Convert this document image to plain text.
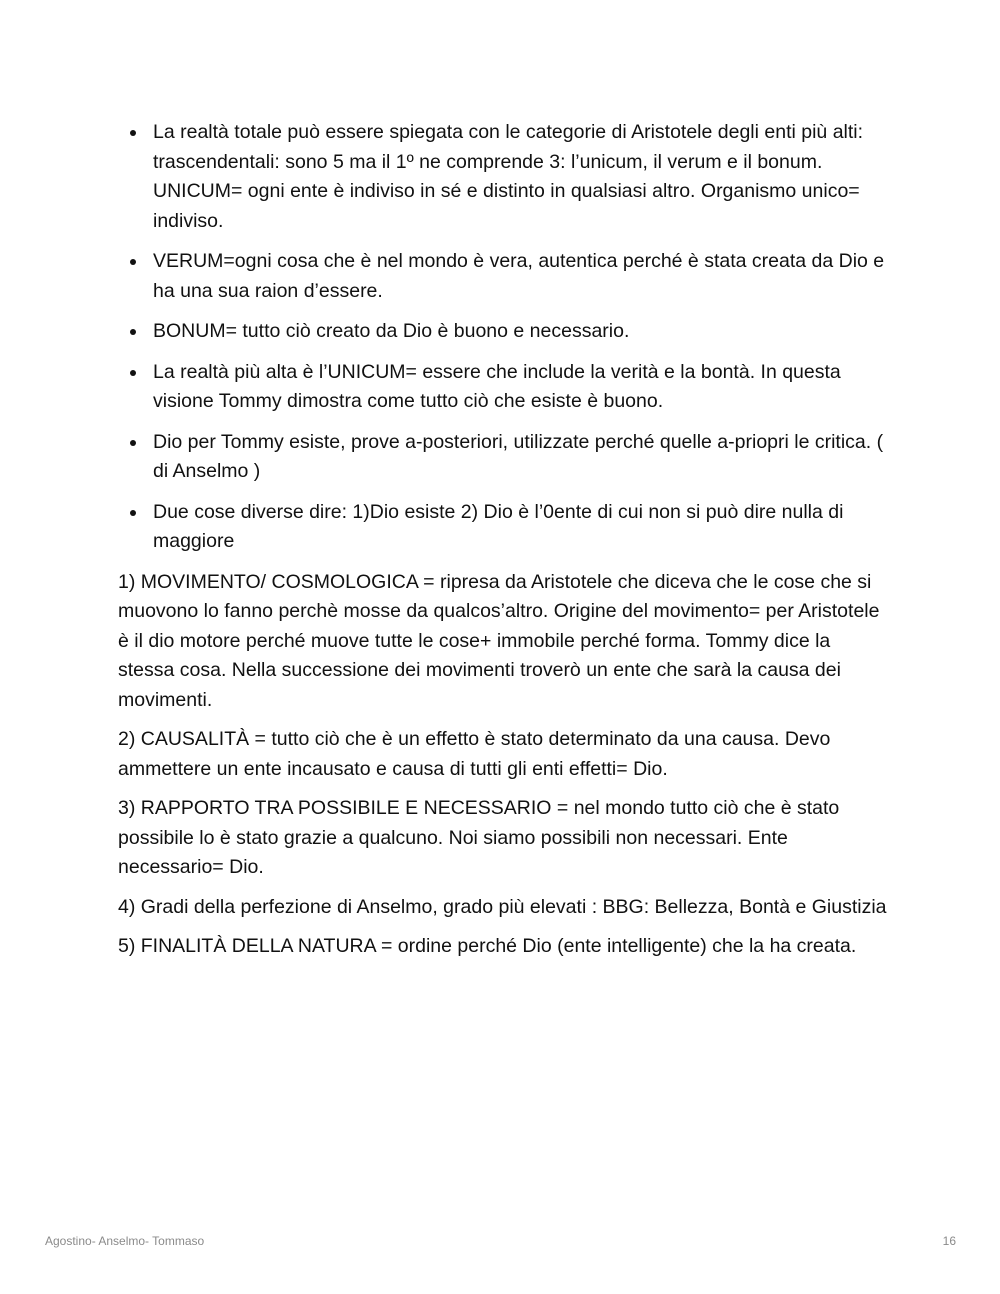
La realtà totale può essere spiegata con le categorie di Aristotele degli enti più alti: trascendentali: sono 5 ma il 1º ne comprende 3: l’unicum, il verum e il bonum. UNICUM= ogni ente è indiviso in sé e distinto in qualsiasi altro. Organismo unico= indiviso.
VERUM=ogni cosa che è nel mondo è vera, autentica perché è stata creata da Dio e ha una sua raion d’essere.
BONUM= tutto ciò creato da Dio è buono e necessario.
La realtà più alta è l’UNICUM= essere che include la verità e la bontà. In questa visione Tommy dimostra come tutto ciò che esiste è buono.
Dio per Tommy esiste, prove a-posteriori, utilizzate perché quelle a-priopri le critica. ( di Anselmo )
Due cose diverse dire: 1)Dio esiste 2) Dio è l’0ente di cui non si può dire nulla di maggiore

1) MOVIMENTO/ COSMOLOGICA = ripresa da Aristotele che diceva che le cose che si muovono lo fanno perchè mosse da qualcos’altro. Origine del movimento= per Aristotele è il dio motore perché muove tutte le cose+ immobile perché forma. Tommy dice la stessa cosa. Nella successione dei movimenti troverò un ente che sarà la causa dei movimenti.

2) CAUSALITÀ = tutto ciò che è un effetto è stato determinato da una causa. Devo ammettere un ente incausato e causa di tutti gli enti effetti= Dio.

3) RAPPORTO TRA POSSIBILE E NECESSARIO = nel mondo tutto ciò che è stato possibile lo è stato grazie a qualcuno. Noi siamo possibili non necessari. Ente necessario= Dio.

4) Gradi della perfezione di Anselmo, grado più elevati : BBG: Bellezza, Bontà e Giustizia

5) FINALITÀ DELLA NATURA = ordine perché Dio (ente intelligente) che la ha creata.

Agostino- Anselmo- Tommaso	16
